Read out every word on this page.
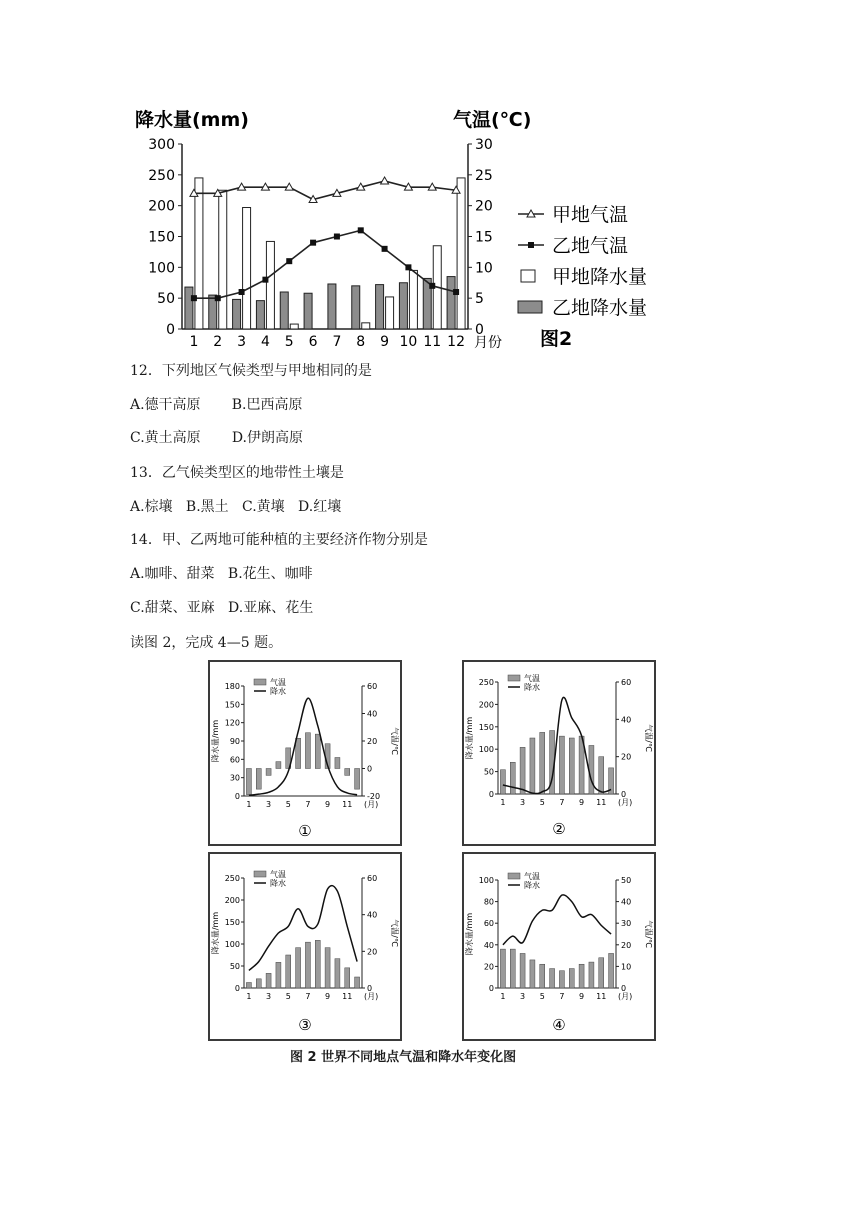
降水量(mm)	气温(℃)
0
50
100
150
200
250
300
0
5
10
15
20
25
30
1 2 3 4 5 6 7 8 9 10 11 12 月份
甲地气温
乙地气温
甲地降水量
乙地降水量
图2
12．下列地区气候类型与甲地相同的是
A.德干高原       B.巴西高原
C.黄土高原       D.伊朗高原
13．乙气候类型区的地带性土壤是
A.棕壤   B.黑土   C.黄壤   D.红壤
14．甲、乙两地可能种植的主要经济作物分别是
A.咖啡、甜菜   B.花生、咖啡
C.甜菜、亚麻   D.亚麻、花生
读图 2，完成 4—5 题。
0
30
60
90
120
150
180
-20
0
20
40
60
降水量/mm	气温/℃
1 3 5 7 9 11 (月)
气温
降水
①
0
50
100
150
200
250
0
20
40
60
降水量/mm	气温/℃
1 3 5 7 9 11 (月)
气温
降水
②
0
50
100
150
200
250
0
20
40
60
降水量/mm	气温/℃
1 3 5 7 9 11 (月)
气温
降水
③
0
20
40
60
80
100
0
10
20
30
40
50
降水量/mm	气温/℃
1 3 5 7 9 11 (月)
气温
降水
④
图 2 世界不同地点气温和降水年变化图
